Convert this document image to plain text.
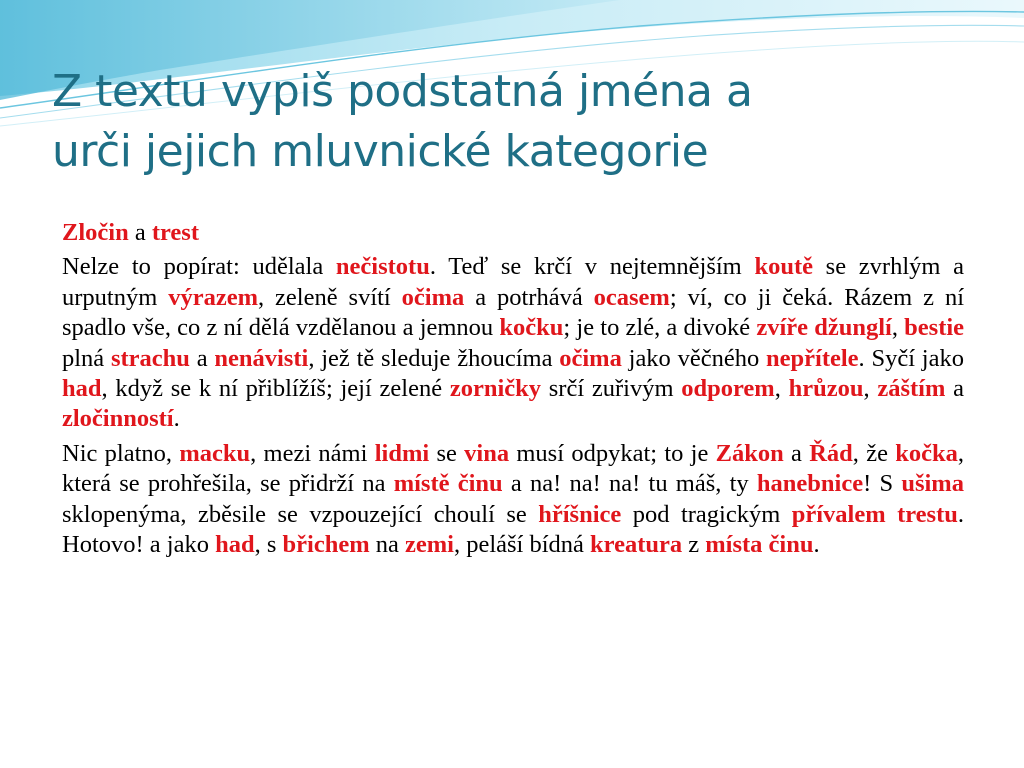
Z textu vypiš podstatná jména a
urči jejich mluvnické kategorie

Zločin a trest

Nelze to popírat: udělala nečistotu. Teď se krčí v nejtemnějším koutě se zvrhlým a urputným výrazem, zeleně svítí očima a potrhává ocasem; ví, co ji čeká. Rázem z ní spadlo vše, co z ní dělá vzdělanou a jemnou kočku; je to zlé, a divoké zvíře džunglí, bestie plná strachu a nenávisti, jež tě sleduje žhoucíma očima jako věčného nepřítele. Syčí jako had, když se k ní přiblížíš; její zelené zorničky srčí zuřivým odporem, hrůzou, záštím a zločinností.

Nic platno, macku, mezi námi lidmi se vina musí odpykat; to je Zákon a Řád, že kočka, která se prohřešila, se přidrží na místě činu a na! na! na! tu máš, ty hanebnice! S ušima sklopenýma, zběsile se vzpouzející choulí se hříšnice pod tragickým přívalem trestu. Hotovo! a jako had, s břichem na zemi, peláší bídná kreatura z místa činu.
